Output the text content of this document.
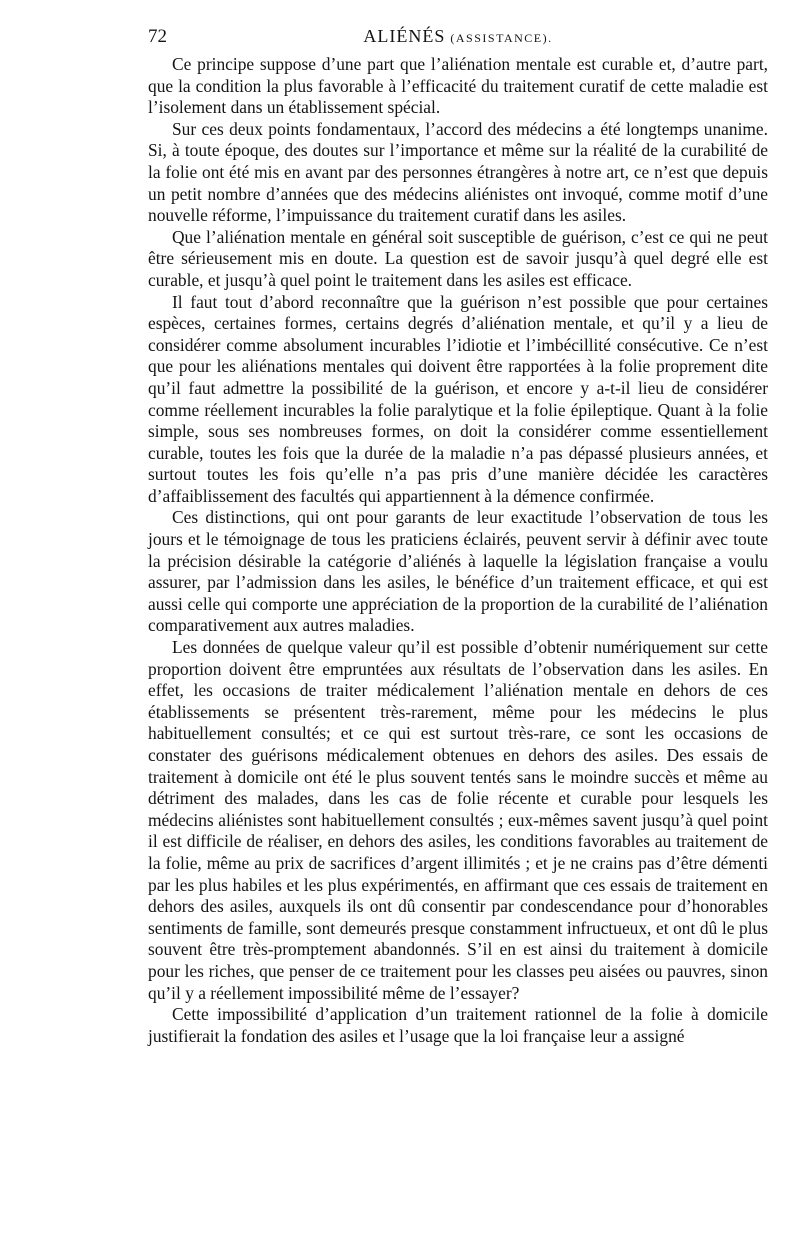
72	ALIÉNÉS (ASSISTANCE).

Ce principe suppose d’une part que l’aliénation mentale est curable et, d’autre part, que la condition la plus favorable à l’efficacité du traitement curatif de cette maladie est l’isolement dans un établissement spécial.

Sur ces deux points fondamentaux, l’accord des médecins a été longtemps unanime. Si, à toute époque, des doutes sur l’importance et même sur la réalité de la curabilité de la folie ont été mis en avant par des personnes étrangères à notre art, ce n’est que depuis un petit nombre d’années que des médecins aliénistes ont invoqué, comme motif d’une nouvelle réforme, l’impuissance du traitement curatif dans les asiles.

Que l’aliénation mentale en général soit susceptible de guérison, c’est ce qui ne peut être sérieusement mis en doute. La question est de savoir jusqu’à quel degré elle est curable, et jusqu’à quel point le traitement dans les asiles est efficace.

Il faut tout d’abord reconnaître que la guérison n’est possible que pour certaines espèces, certaines formes, certains degrés d’aliénation mentale, et qu’il y a lieu de considérer comme absolument incurables l’idiotie et l’imbécillité consécutive. Ce n’est que pour les aliénations mentales qui doivent être rapportées à la folie proprement dite qu’il faut admettre la possibilité de la guérison, et encore y a-t-il lieu de considérer comme réellement incurables la folie paralytique et la folie épileptique. Quant à la folie simple, sous ses nombreuses formes, on doit la considérer comme essentiellement curable, toutes les fois que la durée de la maladie n’a pas dépassé plusieurs années, et surtout toutes les fois qu’elle n’a pas pris d’une manière décidée les caractères d’affaiblissement des facultés qui appartiennent à la démence confirmée.

Ces distinctions, qui ont pour garants de leur exactitude l’observation de tous les jours et le témoignage de tous les praticiens éclairés, peuvent servir à définir avec toute la précision désirable la catégorie d’aliénés à laquelle la législation française a voulu assurer, par l’admission dans les asiles, le bénéfice d’un traitement efficace, et qui est aussi celle qui comporte une appréciation de la proportion de la curabilité de l’aliénation comparativement aux autres maladies.

Les données de quelque valeur qu’il est possible d’obtenir numériquement sur cette proportion doivent être empruntées aux résultats de l’observation dans les asiles. En effet, les occasions de traiter médicalement l’aliénation mentale en dehors de ces établissements se présentent très-rarement, même pour les médecins le plus habituellement consultés; et ce qui est surtout très-rare, ce sont les occasions de constater des guérisons médicalement obtenues en dehors des asiles. Des essais de traitement à domicile ont été le plus souvent tentés sans le moindre succès et même au détriment des malades, dans les cas de folie récente et curable pour lesquels les médecins aliénistes sont habituellement consultés ; eux-mêmes savent jusqu’à quel point il est difficile de réaliser, en dehors des asiles, les conditions favorables au traitement de la folie, même au prix de sacrifices d’argent illimités ; et je ne crains pas d’être démenti par les plus habiles et les plus expérimentés, en affirmant que ces essais de traitement en dehors des asiles, auxquels ils ont dû consentir par condescendance pour d’honorables sentiments de famille, sont demeurés presque constamment infructueux, et ont dû le plus souvent être très-promptement abandonnés. S’il en est ainsi du traitement à domicile pour les riches, que penser de ce traitement pour les classes peu aisées ou pauvres, sinon qu’il y a réellement impossibilité même de l’essayer?

Cette impossibilité d’application d’un traitement rationnel de la folie à domicile justifierait la fondation des asiles et l’usage que la loi française leur a assigné
